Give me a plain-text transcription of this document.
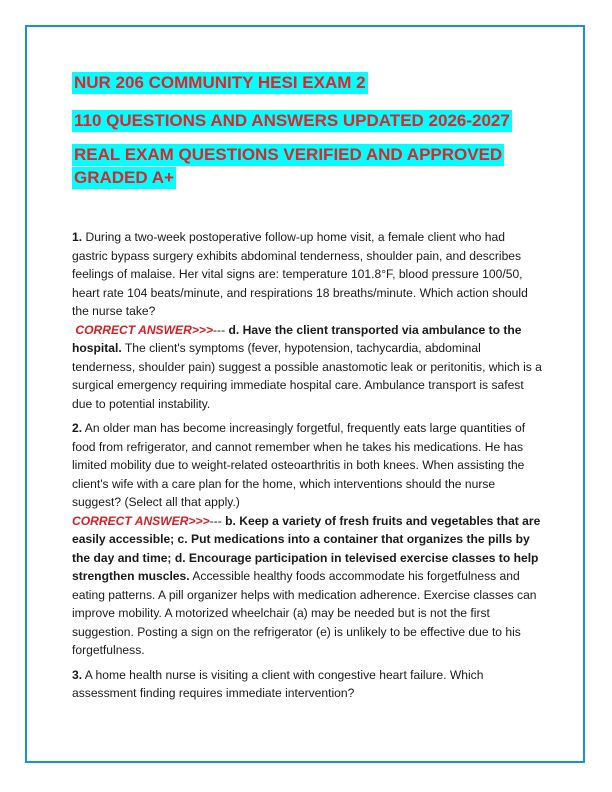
NUR 206 COMMUNITY HESI EXAM 2
110 QUESTIONS AND ANSWERS UPDATED 2026-2027
REAL EXAM QUESTIONS VERIFIED AND APPROVED
GRADED A+

1. During a two-week postoperative follow-up home visit, a female client who had gastric bypass surgery exhibits abdominal tenderness, shoulder pain, and describes feelings of malaise. Her vital signs are: temperature 101.8°F, blood pressure 100/50, heart rate 104 beats/minute, and respirations 18 breaths/minute. Which action should the nurse take?
CORRECT ANSWER>>>--- d. Have the client transported via ambulance to the hospital. The client's symptoms (fever, hypotension, tachycardia, abdominal tenderness, shoulder pain) suggest a possible anastomotic leak or peritonitis, which is a surgical emergency requiring immediate hospital care. Ambulance transport is safest due to potential instability.

2. An older man has become increasingly forgetful, frequently eats large quantities of food from refrigerator, and cannot remember when he takes his medications. He has limited mobility due to weight-related osteoarthritis in both knees. When assisting the client's wife with a care plan for the home, which interventions should the nurse suggest? (Select all that apply.)
CORRECT ANSWER>>>--- b. Keep a variety of fresh fruits and vegetables that are easily accessible; c. Put medications into a container that organizes the pills by the day and time; d. Encourage participation in televised exercise classes to help strengthen muscles. Accessible healthy foods accommodate his forgetfulness and eating patterns. A pill organizer helps with medication adherence. Exercise classes can improve mobility. A motorized wheelchair (a) may be needed but is not the first suggestion. Posting a sign on the refrigerator (e) is unlikely to be effective due to his forgetfulness.

3. A home health nurse is visiting a client with congestive heart failure. Which assessment finding requires immediate intervention?
